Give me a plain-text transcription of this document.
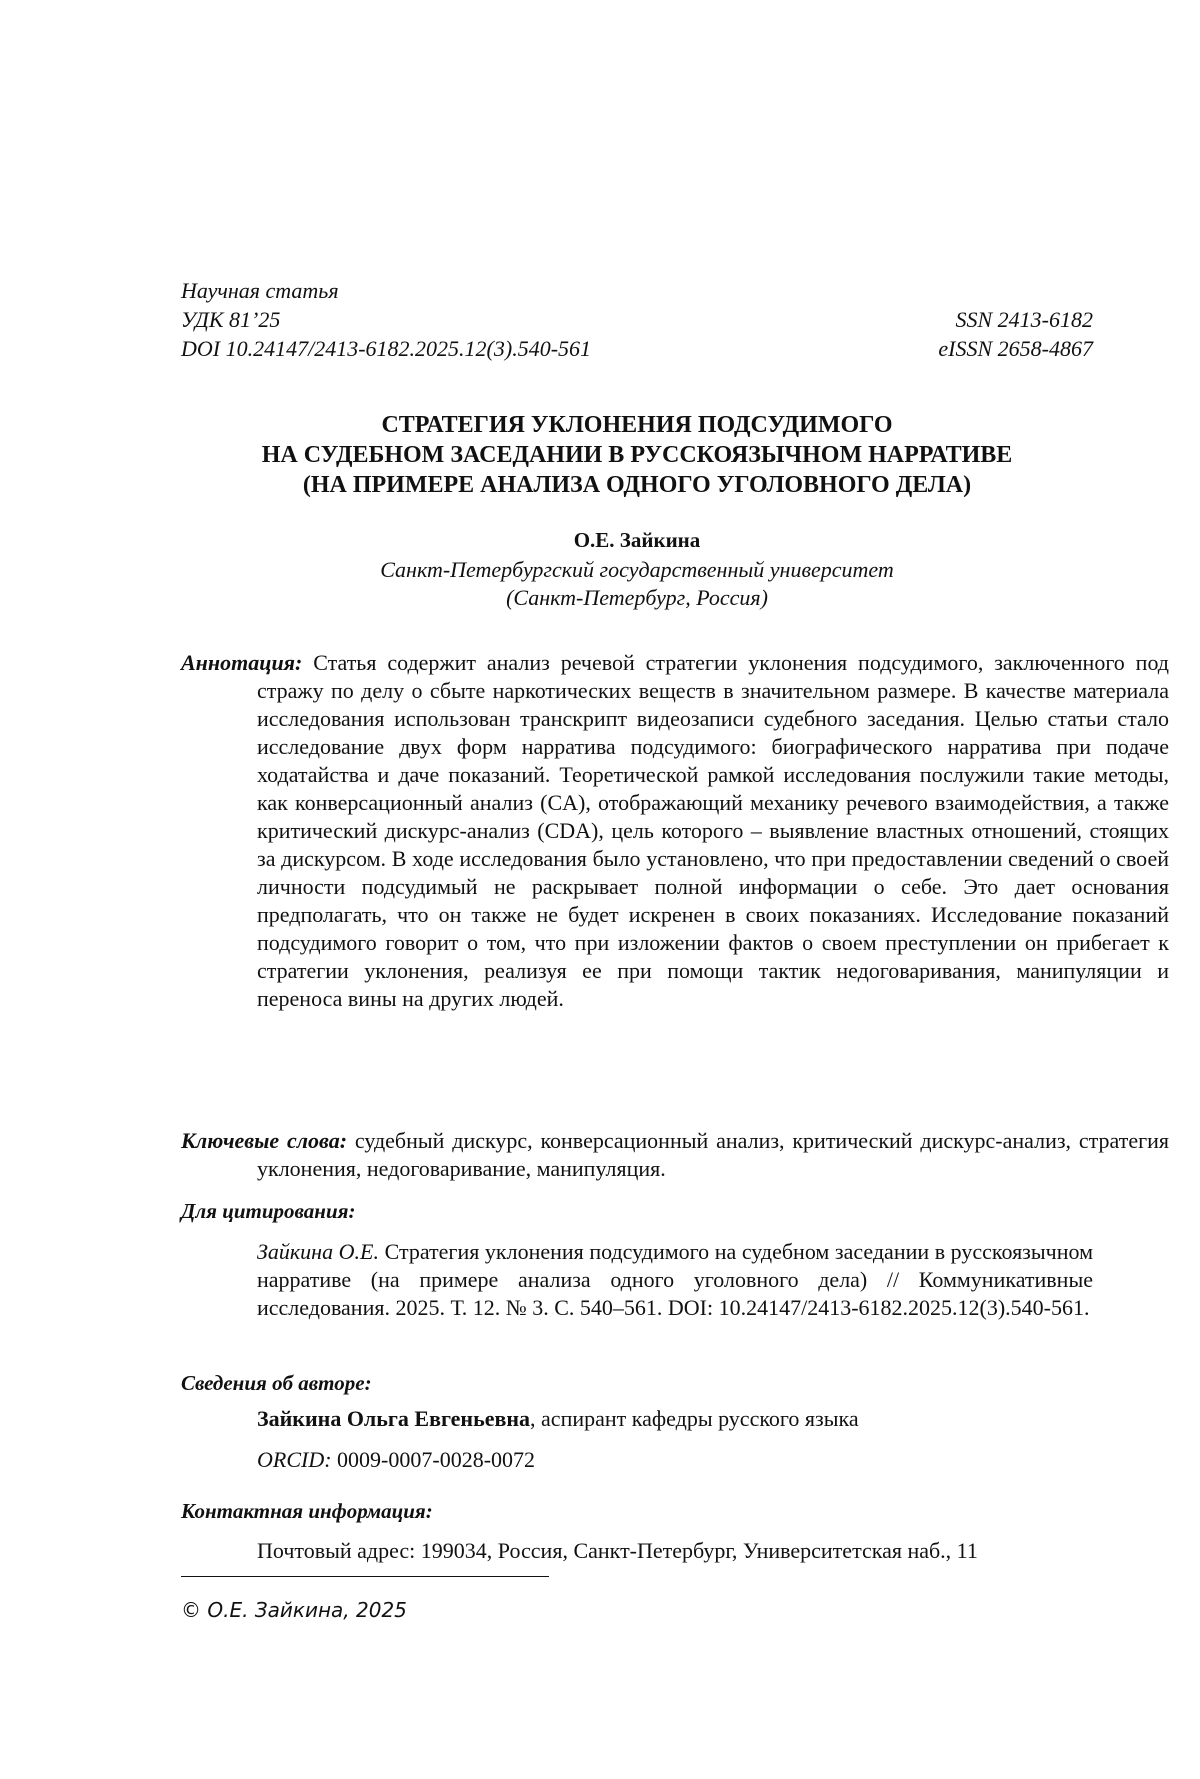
Научная статья
УДК 81’25	SSN 2413-6182
DOI 10.24147/2413-6182.2025.12(3).540-561	eISSN 2658-4867
СТРАТЕГИЯ УКЛОНЕНИЯ ПОДСУДИМОГО
НА СУДЕБНОМ ЗАСЕДАНИИ В РУССКОЯЗЫЧНОМ НАРРАТИВЕ
(НА ПРИМЕРЕ АНАЛИЗА ОДНОГО УГОЛОВНОГО ДЕЛА)
О.Е. Зайкина
Санкт-Петербургский государственный университет
(Санкт-Петербург, Россия)
Аннотация: Статья содержит анализ речевой стратегии уклонения подсудимого, заключенного под стражу по делу о сбыте наркотических веществ в значительном размере. В качестве материала исследования использован транскрипт видеозаписи судебного заседания. Целью статьи стало исследование двух форм нарратива подсудимого: биографического нарратива при подаче ходатайства и даче показаний. Теоретической рамкой исследования послужили такие методы, как конверсационный анализ (CA), отображающий механику речевого взаимодействия, а также критический дискурс-анализ (CDA), цель которого – выявление властных отношений, стоящих за дискурсом. В ходе исследования было установлено, что при предоставлении сведений о своей личности подсудимый не раскрывает полной информации о себе. Это дает основания предполагать, что он также не будет искренен в своих показаниях. Исследование показаний подсудимого говорит о том, что при изложении фактов о своем преступлении он прибегает к стратегии уклонения, реализуя ее при помощи тактик недоговаривания, манипуляции и переноса вины на других людей.
Ключевые слова: судебный дискурс, конверсационный анализ, критический дискурс-анализ, стратегия уклонения, недоговаривание, манипуляция.
Для цитирования:
Зайкина О.Е. Стратегия уклонения подсудимого на судебном заседании в русскоязычном нарративе (на примере анализа одного уголовного дела) // Коммуникативные исследования. 2025. Т. 12. № 3. С. 540–561. DOI: 10.24147/2413-6182.2025.12(3).540-561.
Сведения об авторе:
Зайкина Ольга Евгеньевна, аспирант кафедры русского языка
ORCID: 0009-0007-0028-0072
Контактная информация:
Почтовый адрес: 199034, Россия, Санкт-Петербург, Университетская наб., 11
© О.Е. Зайкина, 2025
